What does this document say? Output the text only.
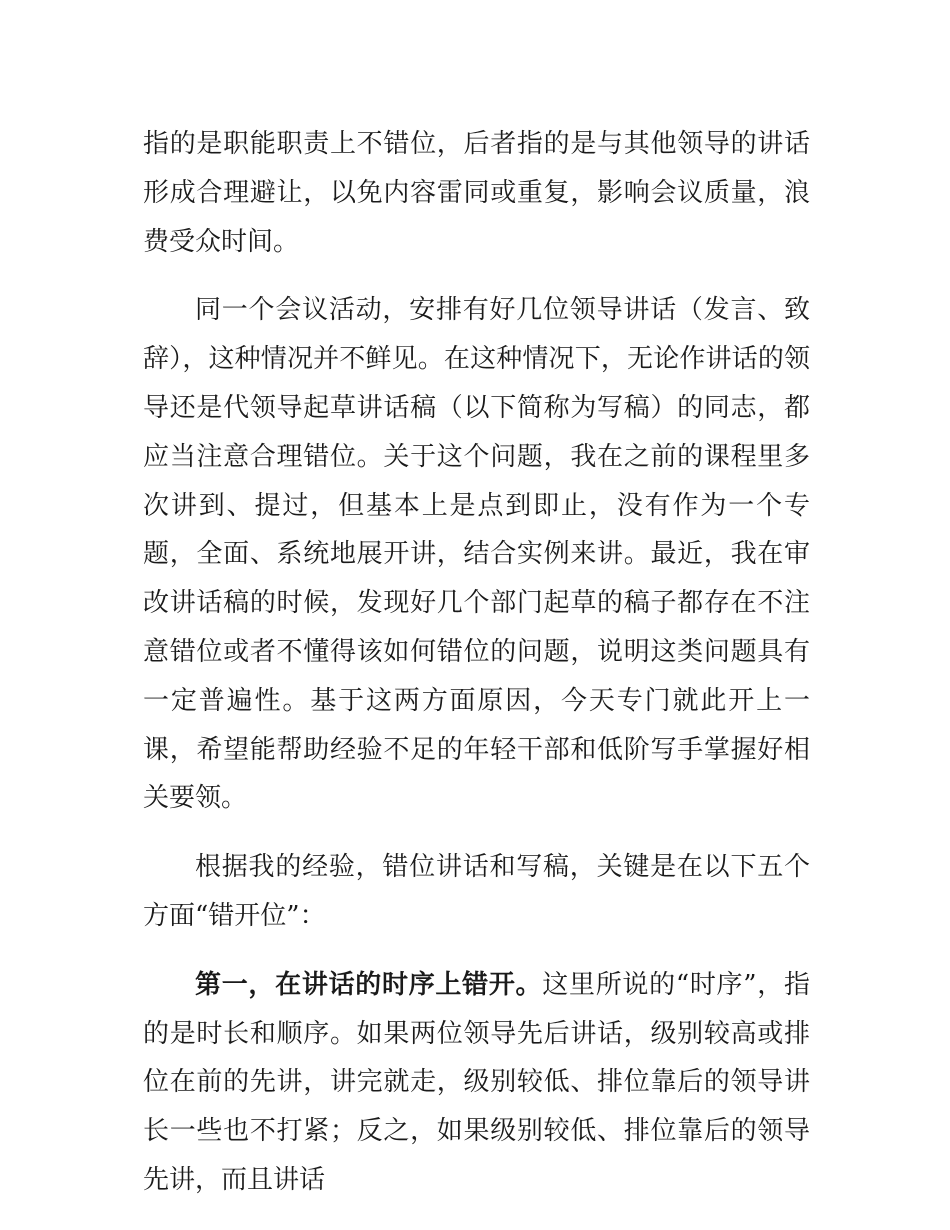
指的是职能职责上不错位，后者指的是与其他领导的讲话形成合理避让，以免内容雷同或重复，影响会议质量，浪费受众时间。

同一个会议活动，安排有好几位领导讲话（发言、致辞），这种情况并不鲜见。在这种情况下，无论作讲话的领导还是代领导起草讲话稿（以下简称为写稿）的同志，都应当注意合理错位。关于这个问题，我在之前的课程里多次讲到、提过，但基本上是点到即止，没有作为一个专题，全面、系统地展开讲，结合实例来讲。最近，我在审改讲话稿的时候，发现好几个部门起草的稿子都存在不注意错位或者不懂得该如何错位的问题，说明这类问题具有一定普遍性。基于这两方面原因，今天专门就此开上一课，希望能帮助经验不足的年轻干部和低阶写手掌握好相关要领。

根据我的经验，错位讲话和写稿，关键是在以下五个方面“错开位”：

第一，在讲话的时序上错开。这里所说的“时序”，指的是时长和顺序。如果两位领导先后讲话，级别较高或排位在前的先讲，讲完就走，级别较低、排位靠后的领导讲长一些也不打紧；反之，如果级别较低、排位靠后的领导先讲，而且讲话
